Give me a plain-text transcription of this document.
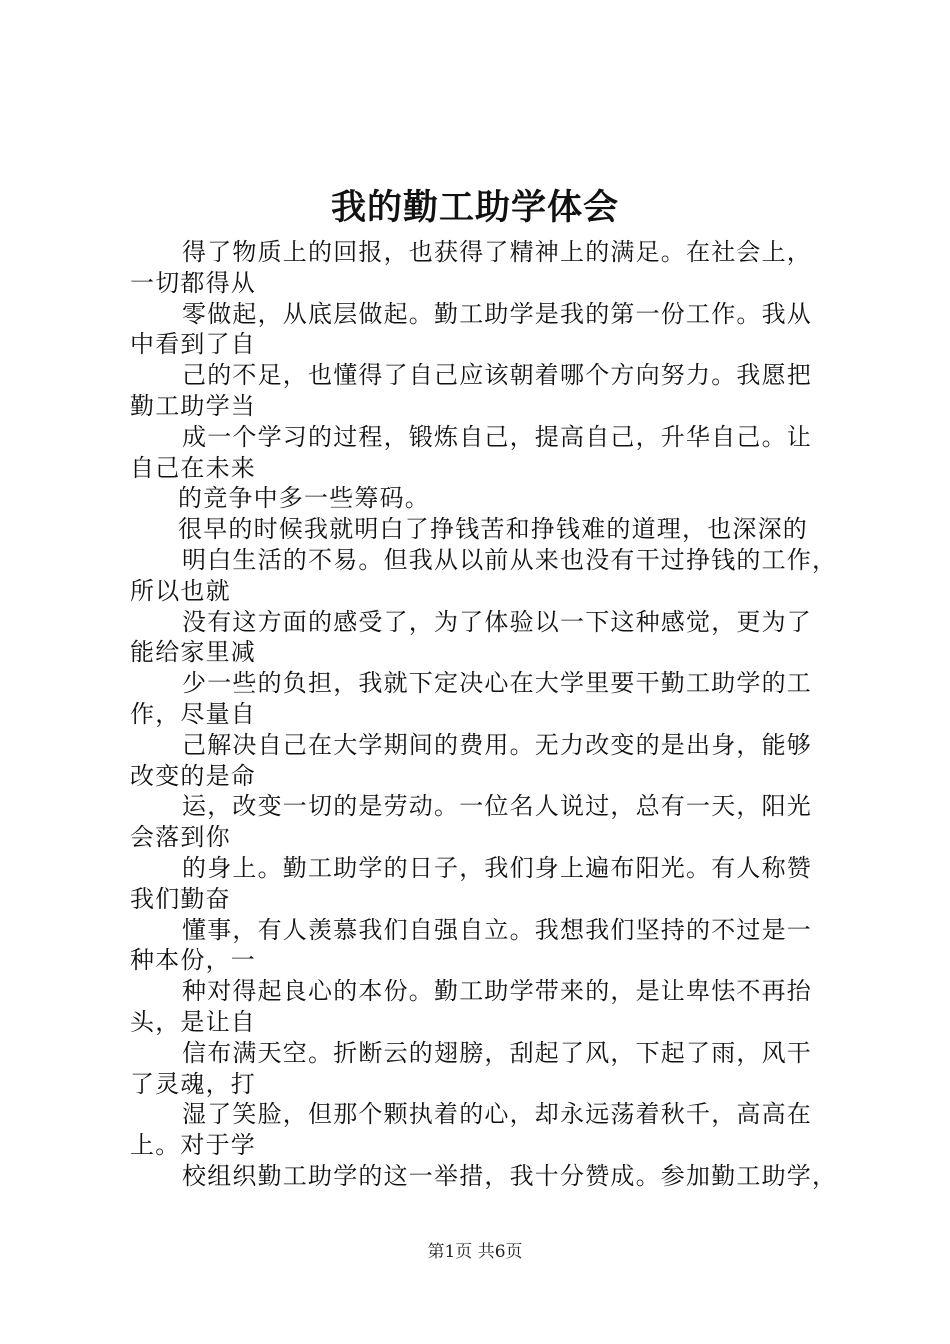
我的勤工助学体会
得了物质上的回报，也获得了精神上的满足。在社会上，
一切都得从
零做起，从底层做起。勤工助学是我的第一份工作。我从
中看到了自
己的不足，也懂得了自己应该朝着哪个方向努力。我愿把
勤工助学当
成一个学习的过程，锻炼自己，提高自己，升华自己。让
自己在未来
的竞争中多一些筹码。
很早的时候我就明白了挣钱苦和挣钱难的道理，也深深的
明白生活的不易。但我从以前从来也没有干过挣钱的工作，
所以也就
没有这方面的感受了，为了体验以一下这种感觉，更为了
能给家里减
少一些的负担，我就下定决心在大学里要干勤工助学的工
作，尽量自
己解决自己在大学期间的费用。无力改变的是出身，能够
改变的是命
运，改变一切的是劳动。一位名人说过，总有一天，阳光
会落到你
的身上。勤工助学的日子，我们身上遍布阳光。有人称赞
我们勤奋
懂事，有人羡慕我们自强自立。我想我们坚持的不过是一
种本份，一
种对得起良心的本份。勤工助学带来的，是让卑怯不再抬
头，是让自
信布满天空。折断云的翅膀，刮起了风，下起了雨，风干
了灵魂，打
湿了笑脸，但那个颗执着的心，却永远荡着秋千，高高在
上。对于学
校组织勤工助学的这一举措，我十分赞成。参加勤工助学，
第1页 共6页
